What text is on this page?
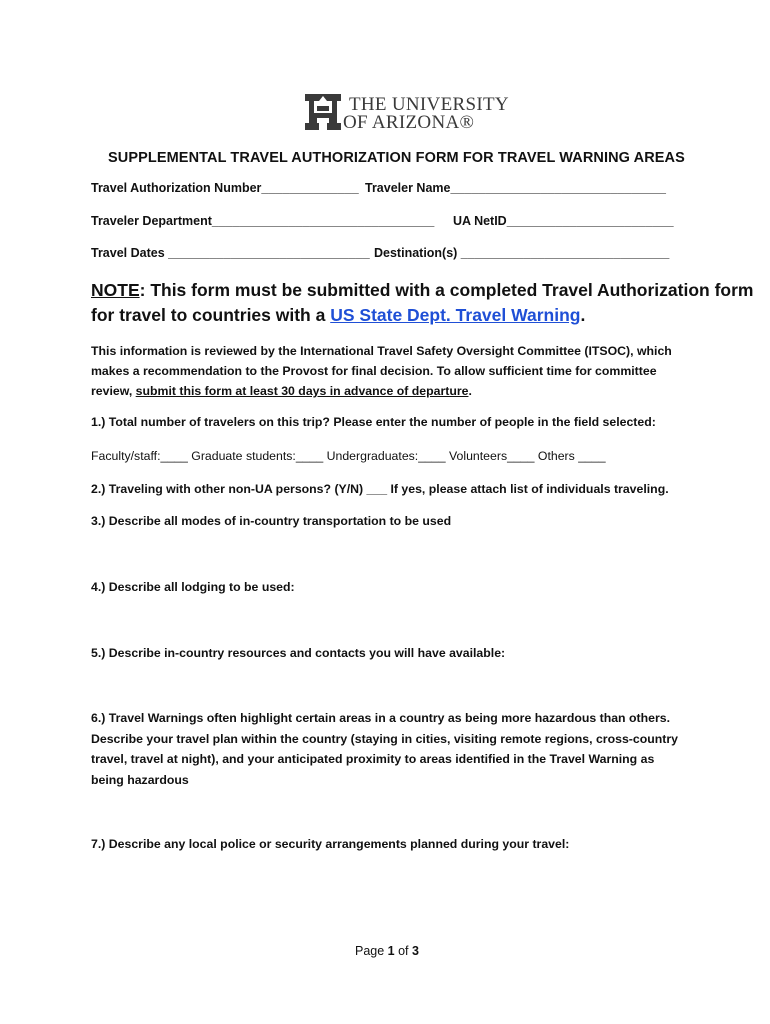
THE UNIVERSITY
OF ARIZONA®
SUPPLEMENTAL TRAVEL AUTHORIZATION FORM FOR TRAVEL WARNING AREAS
Travel Authorization Number______________ Traveler Name_______________________________
Traveler Department________________________________ UA NetID________________________
Travel Dates _____________________________ Destination(s) ______________________________
NOTE: This form must be submitted with a completed Travel Authorization form
for travel to countries with a US State Dept. Travel Warning.
This information is reviewed by the International Travel Safety Oversight Committee (ITSOC), which
makes a recommendation to the Provost for final decision. To allow sufficient time for committee
review, submit this form at least 30 days in advance of departure.
1.) Total number of travelers on this trip? Please enter the number of people in the field selected:
Faculty/staff:____ Graduate students:____ Undergraduates:____ Volunteers____ Others ____
2.) Traveling with other non-UA persons? (Y/N) ___ If yes, please attach list of individuals traveling.
3.) Describe all modes of in-country transportation to be used
4.) Describe all lodging to be used:
5.) Describe in-country resources and contacts you will have available:
6.) Travel Warnings often highlight certain areas in a country as being more hazardous than others.
Describe your travel plan within the country (staying in cities, visiting remote regions, cross-country
travel, travel at night), and your anticipated proximity to areas identified in the Travel Warning as
being hazardous
7.) Describe any local police or security arrangements planned during your travel:
Page 1 of 3
